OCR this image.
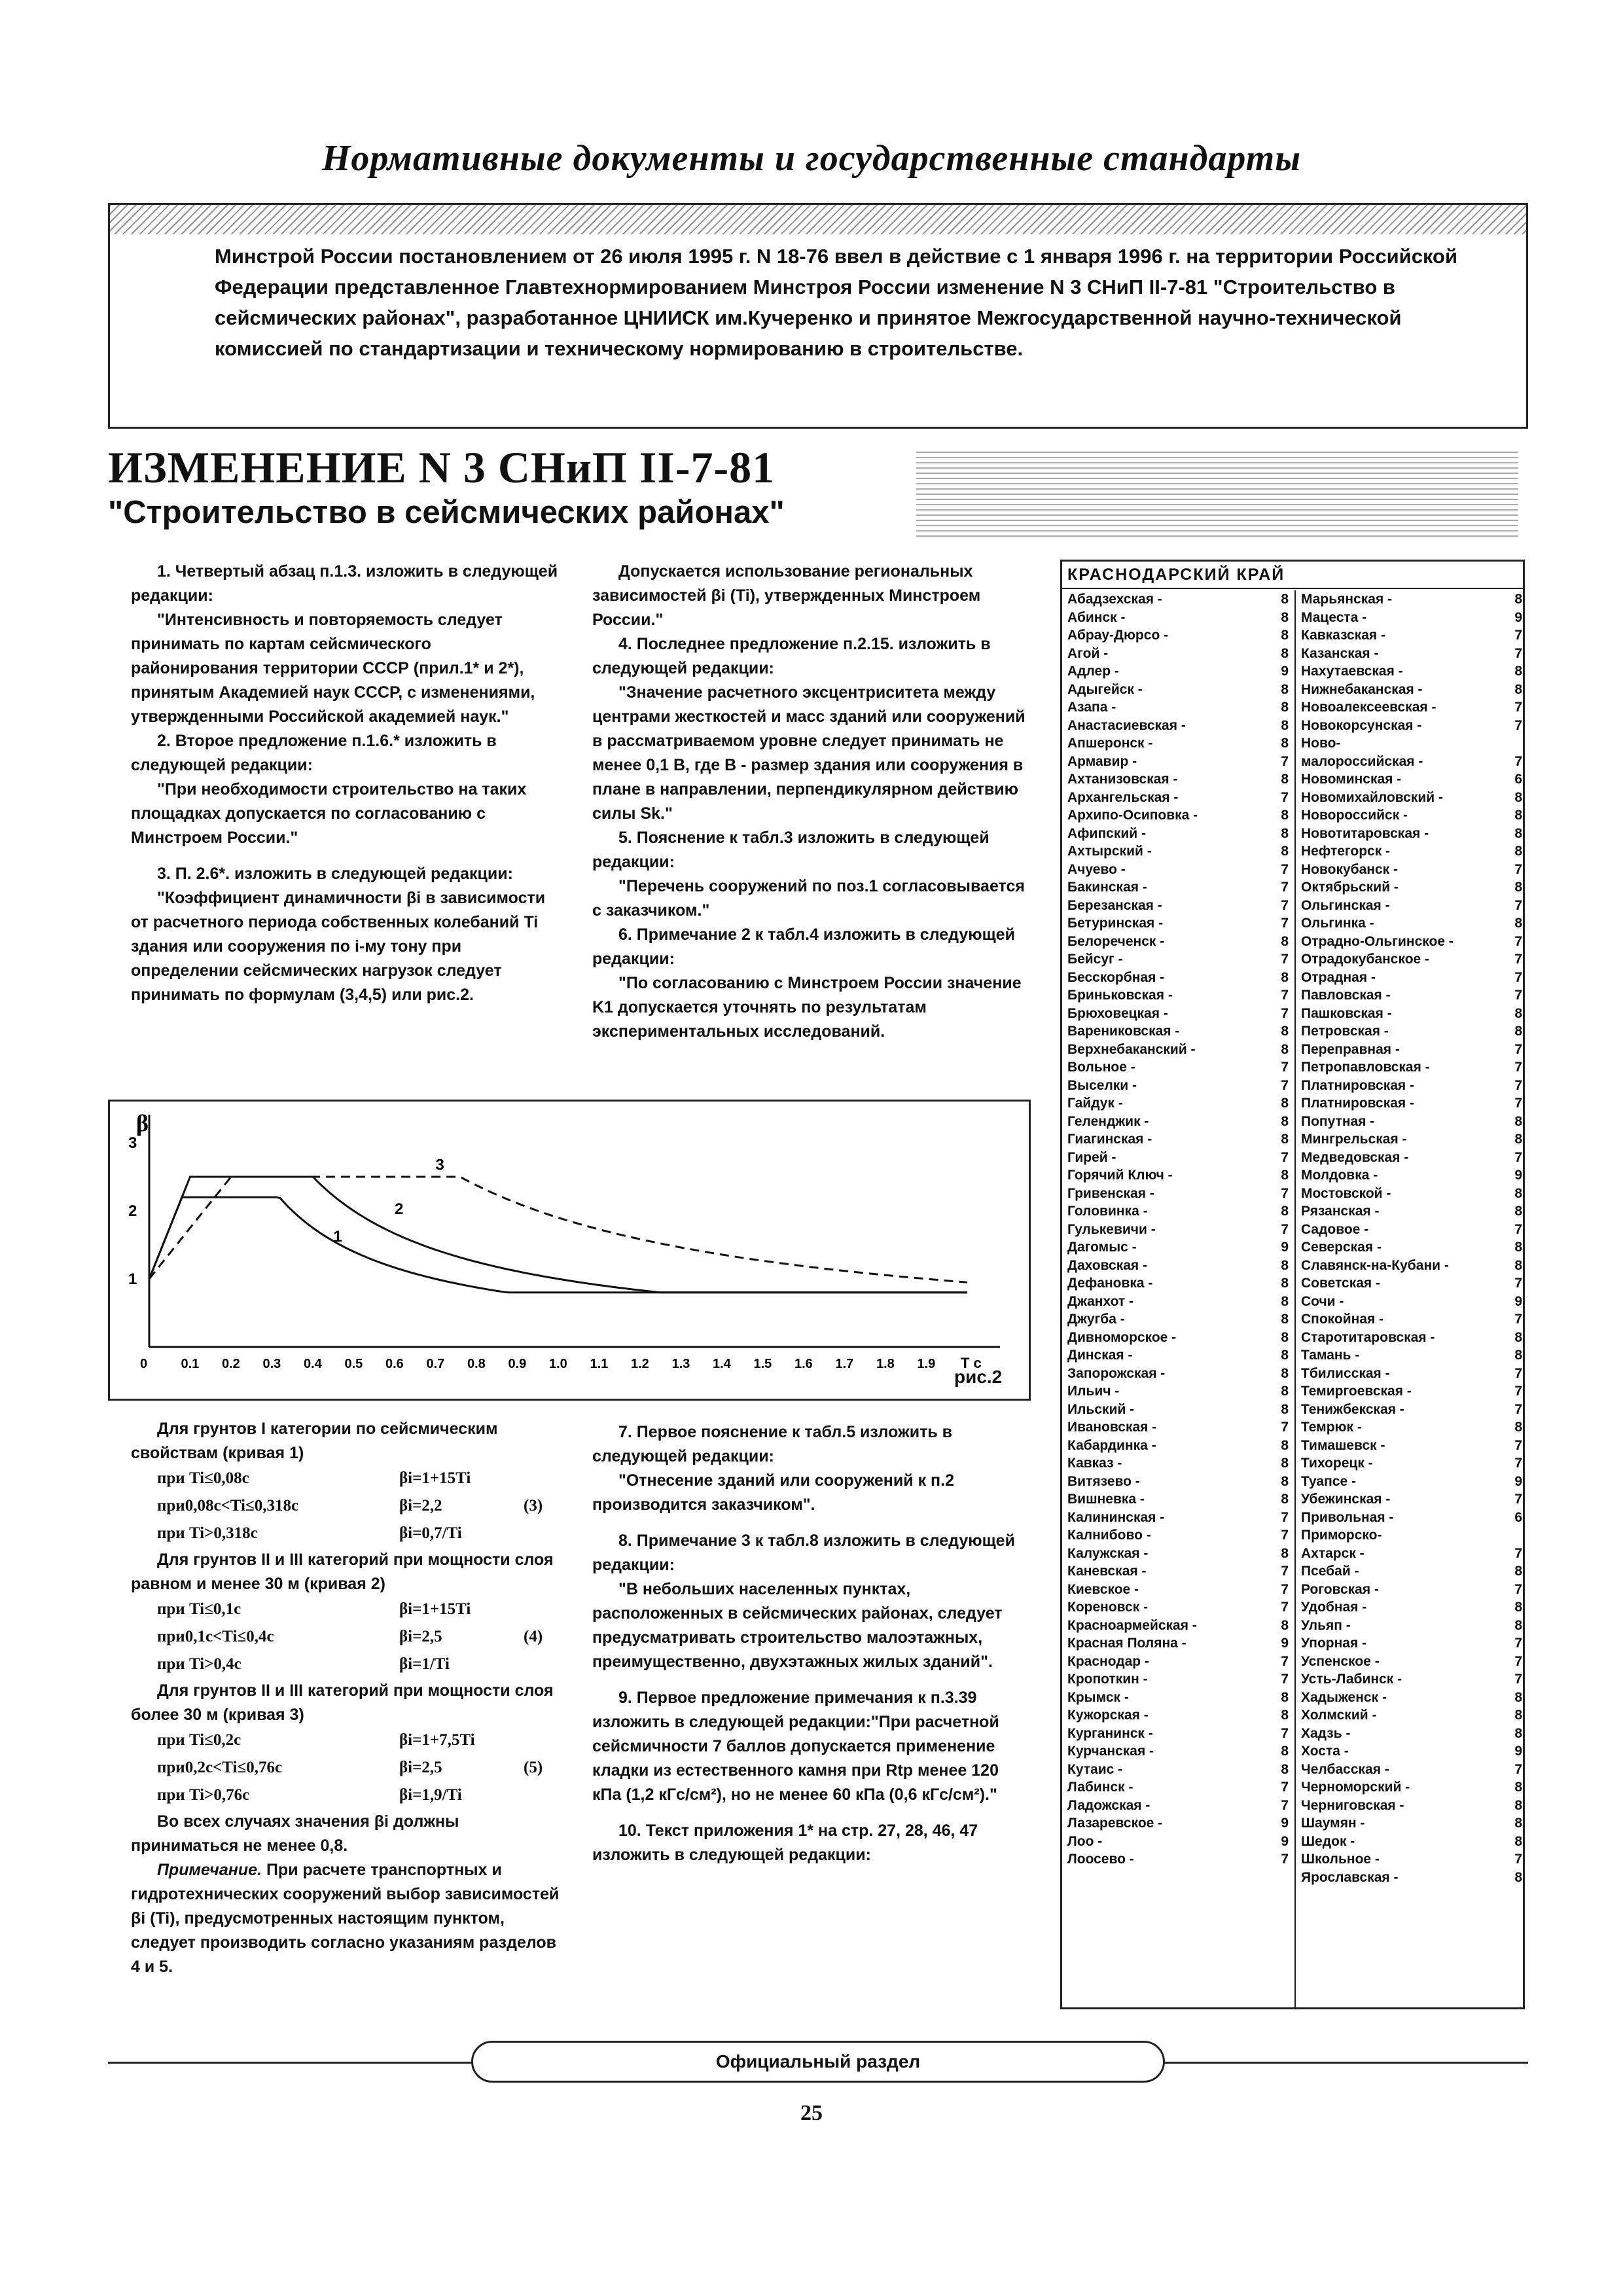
Нормативные документы и государственные стандарты
Минстрой России постановлением от 26 июля 1995 г. N 18-76 ввел в действие с 1 января 1996 г. на территории Российской Федерации представленное Главтехнормированием Минстроя России изменение N 3 СНиП II-7-81 "Строительство в сейсмических районах", разработанное ЦНИИСК им.Кучеренко и принятое Межгосударственной научно-технической комиссией по стандартизации и техническому нормированию в строительстве.
ИЗМЕНЕНИЕ N 3 СНиП II-7-81
"Строительство в сейсмических районах"

1. Четвертый абзац п.1.3. изложить в следующей редакции:

"Интенсивность и повторяемость следует принимать по картам сейсмического районирования территории СССР (прил.1* и 2*), принятым Академией наук СССР, с изменениями, утвержденными Российской академией наук."

2. Второе предложение п.1.6.* изложить в следующей редакции:

"При необходимости строительство на таких площадках допускается по согласованию с Минстроем России."

3. П. 2.6*. изложить в следующей редакции:

"Коэффициент динамичности βi в зависимости от расчетного периода собственных колебаний Ti здания или сооружения по i-му тону при определении сейсмических нагрузок следует принимать по формулам (3,4,5) или рис.2.

Допускается использование региональных зависимостей βi (Ti), утвержденных Минстроем России."

4. Последнее предложение п.2.15. изложить в следующей редакции:

"Значение расчетного эксцентриситета между центрами жесткостей и масс зданий или сооружений в рассматриваемом уровне следует принимать не менее 0,1 B, где B - размер здания или сооружения в плане в направлении, перпендикулярном действию силы Sk."

5. Пояснение к табл.3 изложить в следующей редакции:

"Перечень сооружений по поз.1 согласовывается с заказчиком."

6. Примечание 2 к табл.4 изложить в следующей редакции:

"По согласованию с Минстроем России значение K1 допускается уточнять по результатам экспериментальных исследований.

β
1
2
3
0	0.1 0.2 0.3 0.4 0.5 0.6 0.7 0.8 0.9 1.0 1.1 1.2 1.3 1.4 1.5 1.6 1.7 1.8 1.9 T с
1
2
3
рис.2

Для грунтов I категории по сейсмическим свойствам (кривая 1)

при Ti≤0,08с	βi=1+15Ti
при0,08с<Ti≤0,318с	βi=2,2	(3)
при Ti>0,318с	βi=0,7/Ti

Для грунтов II и III категорий при мощности слоя равном и менее 30 м (кривая 2)

при Ti≤0,1с	βi=1+15Ti
при0,1с<Ti≤0,4с	βi=2,5	(4)
при Ti>0,4с	βi=1/Ti

Для грунтов II и III категорий при мощности слоя более 30 м (кривая 3)

при Ti≤0,2с	βi=1+7,5Ti
при0,2с<Ti≤0,76с	βi=2,5	(5)
при Ti>0,76с	βi=1,9/Ti

Во всех случаях значения βi должны приниматься не менее 0,8.

Примечание. При расчете транспортных и гидротехнических сооружений выбор зависимостей βi (Ti), предусмотренных настоящим пунктом, следует производить согласно указаниям разделов 4 и 5.

7. Первое пояснение к табл.5 изложить в следующей редакции:

"Отнесение зданий или сооружений к п.2 производится заказчиком".

8. Примечание 3 к табл.8 изложить в следующей редакции:

"В небольших населенных пунктах, расположенных в сейсмических районах, следует предусматривать строительство малоэтажных, преимущественно, двухэтажных жилых зданий".

9. Первое предложение примечания к п.3.39 изложить в следующей редакции:"При расчетной сейсмичности 7 баллов допускается применение кладки из естественного камня при Rtp менее 120 кПа (1,2 кГс/см²), но не менее 60 кПа (0,6 кГс/см²)."

10. Текст приложения 1* на стр. 27, 28, 46, 47 изложить в следующей редакции:

КРАСНОДАРСКИЙ КРАЙ
Абадзехская -	8
Абинск -	8
Абрау-Дюрсо -	8
Агой -	8
Адлер -	9
Адыгейск -	8
Азапа -	8
Анастасиевская -	8
Апшеронск -	8
Армавир -	7
Ахтанизовская -	8
Архангельская -	7
Архипо-Осиповка -	8
Афипский -	8
Ахтырский -	8
Ачуево -	7
Бакинская -	7
Березанская -	7
Бетуринская -	7
Белореченск -	8
Бейсуг -	7
Бесскорбная -	8
Бриньковская -	7
Брюховецкая -	7
Варениковская -	8
Верхнебаканский -	8
Вольное -	7
Выселки -	7
Гайдук -	8
Геленджик -	8
Гиагинская -	8
Гирей -	7
Горячий Ключ -	8
Гривенская -	7
Головинка -	8
Гулькевичи -	7
Дагомыс -	9
Даховская -	8
Дефановка -	8
Джанхот -	8
Джугба -	8
Дивноморское -	8
Динская -	8
Запорожская -	8
Ильич -	8
Ильский -	8
Ивановская -	7
Кабардинка -	8
Кавказ -	8
Витязево -	8
Вишневка -	8
Калининская -	7
Калнибово -	7
Калужская -	8
Каневская -	7
Киевское -	7
Кореновск -	7
Красноармейская -	8
Красная Поляна -	9
Краснодар -	7
Кропоткин -	7
Крымск -	8
Кужорская -	8
Курганинск -	7
Курчанская -	8
Кутаис -	8
Лабинск -	7
Ладожская -	7
Лазаревское -	9
Лоо -	9
Лоосево -	7
Марьянская -	8
Мацеста -	9
Кавказская -	7
Казанская -	7
Нахутаевская -	8
Нижнебаканская -	8
Новоалексеевская -	7
Новокорсунская -	7
Ново-
малороссийская -	7
Новоминская -	6
Новомихайловский -	8
Новороссийск -	8
Новотитаровская -	8
Нефтегорск -	8
Новокубанск -	7
Октябрьский -	8
Ольгинская -	7
Ольгинка -	8
Отрадно-Ольгинское -	7
Отрадокубанское -	7
Отрадная -	7
Павловская -	7
Пашковская -	8
Петровская -	8
Переправная -	7
Петропавловская -	7
Платнировская -	7
Платнировская -	7
Попутная -	8
Мингрельская -	8
Медведовская -	7
Молдовка -	9
Мостовской -	8
Рязанская -	8
Садовое -	7
Северская -	8
Славянск-на-Кубани -	8
Советская -	7
Сочи -	9
Спокойная -	7
Старотитаровская -	8
Тамань -	8
Тбилисская -	7
Темиргоевская -	7
Тенижбекская -	7
Темрюк -	8
Тимашевск -	7
Тихорецк -	7
Туапсе -	9
Убежинская -	7
Привольная -	6
Приморско-
Ахтарск -	7
Псебай -	8
Роговская -	7
Удобная -	8
Ульяп -	8
Упорная -	7
Успенское -	7
Усть-Лабинск -	7
Хадыженск -	8
Холмский -	8
Хадзь -	8
Хоста -	9
Челбасская -	7
Черноморский -	8
Черниговская -	8
Шаумян -	8
Шедок -	8
Школьное -	7
Ярославская -	8
Официальный раздел
25
